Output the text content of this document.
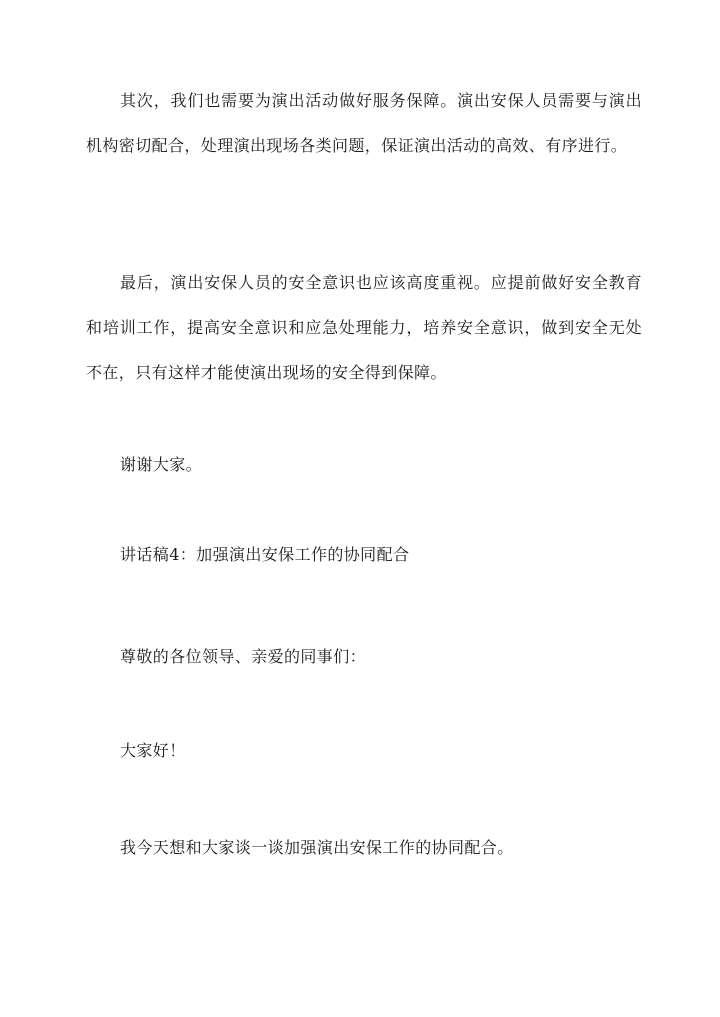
其次，我们也需要为演出活动做好服务保障。演出安保人员需要与演出机构密切配合，处理演出现场各类问题，保证演出活动的高效、有序进行。

最后，演出安保人员的安全意识也应该高度重视。应提前做好安全教育和培训工作，提高安全意识和应急处理能力，培养安全意识，做到安全无处不在，只有这样才能使演出现场的安全得到保障。

谢谢大家。

讲话稿4：加强演出安保工作的协同配合

尊敬的各位领导、亲爱的同事们：

大家好！

我今天想和大家谈一谈加强演出安保工作的协同配合。
